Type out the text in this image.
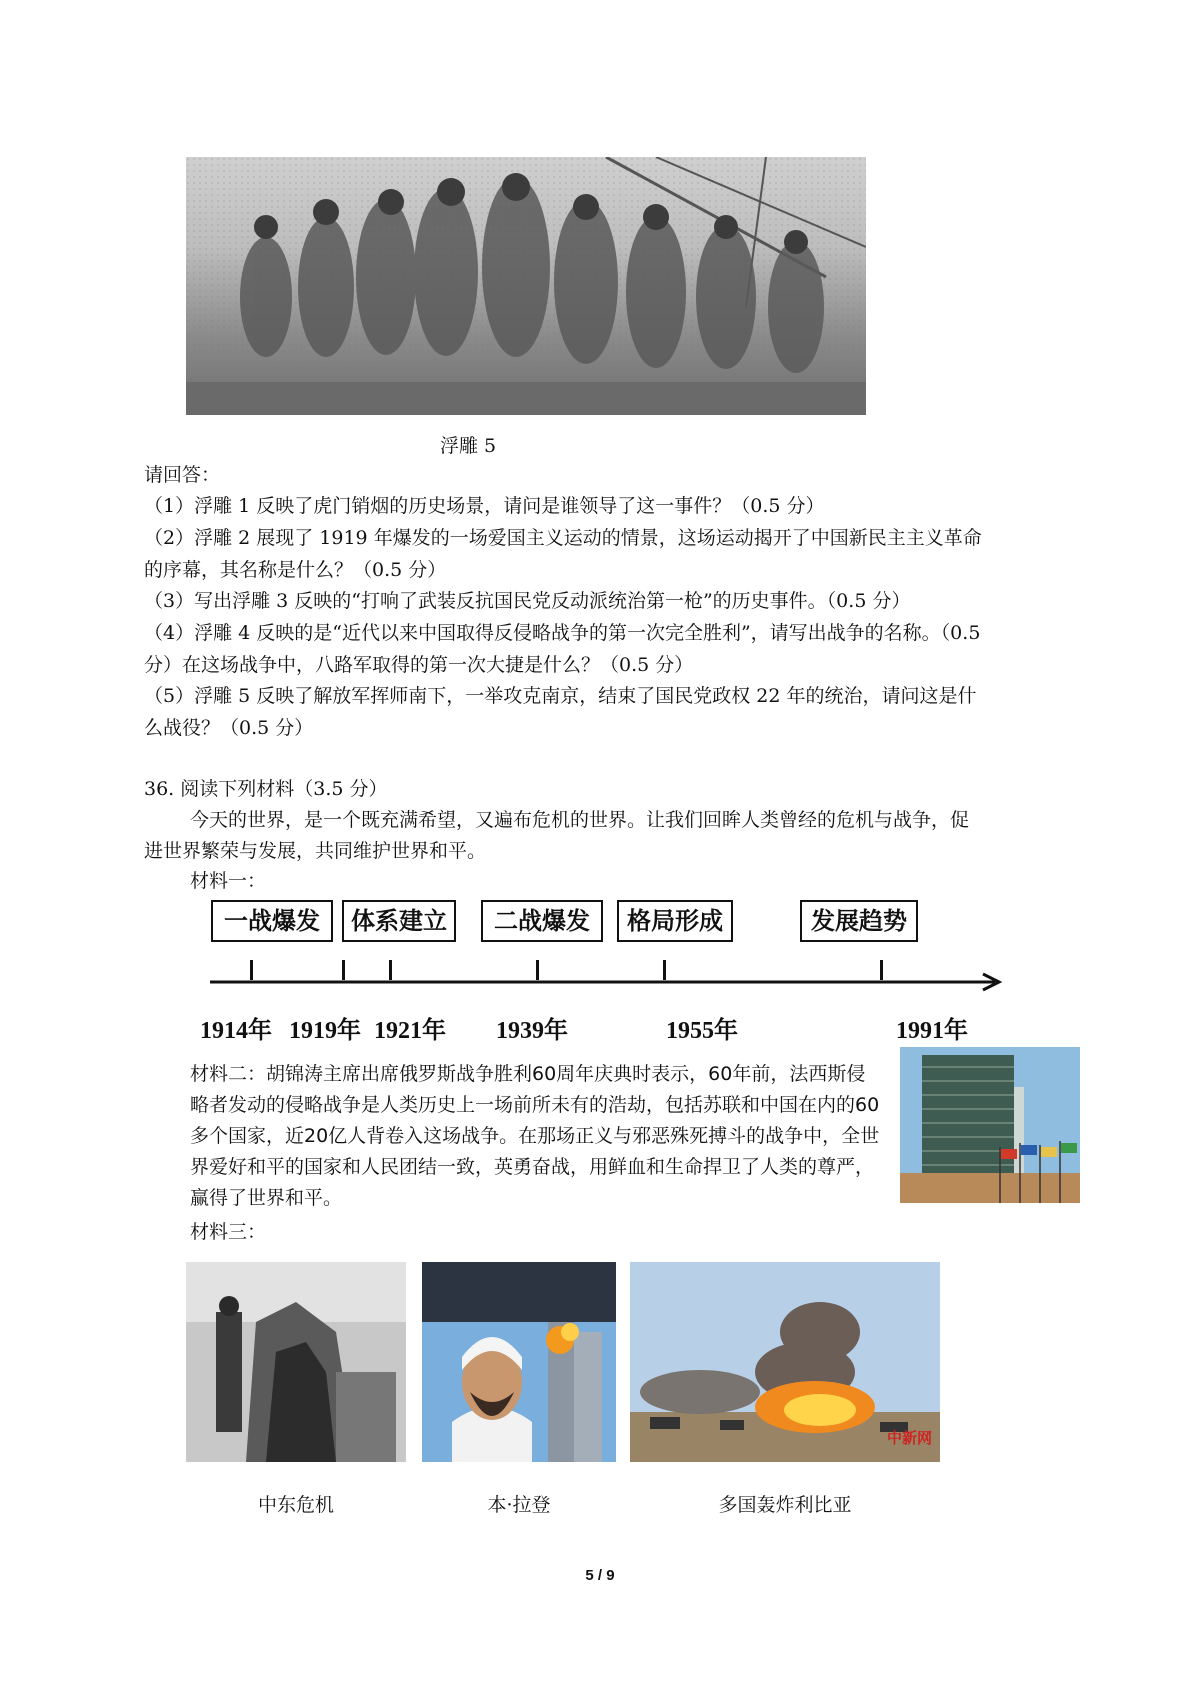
浮雕 5
请回答：
（1）浮雕 1 反映了虎门销烟的历史场景，请问是谁领导了这一事件？（0.5 分）
（2）浮雕 2 展现了 1919 年爆发的一场爱国主义运动的情景，这场运动揭开了中国新民主主义革命
的序幕，其名称是什么？（0.5 分）
（3）写出浮雕 3 反映的“打响了武装反抗国民党反动派统治第一枪”的历史事件。（0.5 分）
（4）浮雕 4 反映的是“近代以来中国取得反侵略战争的第一次完全胜利”，请写出战争的名称。（0.5
分）在这场战争中，八路军取得的第一次大捷是什么？（0.5 分）
（5）浮雕 5 反映了解放军挥师南下，一举攻克南京，结束了国民党政权 22 年的统治，请问这是什
么战役？（0.5 分）
36. 阅读下列材料（3.5 分）
今天的世界，是一个既充满希望，又遍布危机的世界。让我们回眸人类曾经的危机与战争，促
进世界繁荣与发展，共同维护世界和平。
材料一：
一战爆发	体系建立	二战爆发	格局形成	发展趋势
1914年 1919年 1921年 1939年	1955年	1991年
材料二：胡锦涛主席出席俄罗斯战争胜利60周年庆典时表示，60年前，法西斯侵略者发动的侵略战争是人类历史上一场前所未有的浩劫，包括苏联和中国在内的60多个国家，近20亿人背卷入这场战争。在那场正义与邪恶殊死搏斗的战争中，全世界爱好和平的国家和人民团结一致，英勇奋战，用鲜血和生命捍卫了人类的尊严，赢得了世界和平。
材料三：
中新网
中东危机	本·拉登	多国轰炸利比亚
5 / 9
